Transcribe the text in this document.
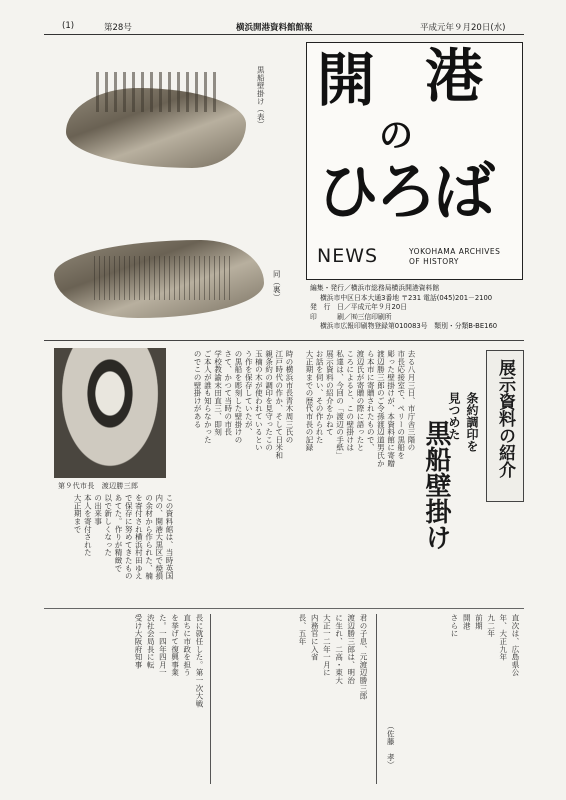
(1)	第28号	横浜開港資料館館報	平成元年９月20日(水)
黒船壁掛け（表）
同（裏）
開 港
の
ひろば
NEWS	YOKOHAMA ARCHIVES
OF HISTORY
編集・発行／横浜市総務局横浜開港資料館
横浜市中区日本大通3番地 〒231 電話(045)201－2100
発　行　日／平成元年９月20日
印　　　刷／㈲三信印刷所
横浜市広報印刷物登録第010083号　類別・分類B-BE160
第９代市長　渡辺勝三郎
展示資料の紹介
条約調印を
見つめた
黒船壁掛け
去る八月三日、市庁舎三階の
市長応接室で、ペリーの黒船を
彫った壁掛けが、本資料館に寄贈
渡辺勝三郎のご令孫渡辺道男氏か
ら本市に寄贈されたもので、
渡辺氏が寄贈の際に語ったと
ころによると、この壁掛けは
私達は、今回の「渡辺の手紙」
展示資料の紹介をかねて
お話を伺い、その作られた
大正期までの歴代市長の記録
時の横浜市長青木周三氏の
江戸時代の作か、そして日米和
親条約の調印を見守ったこの
玉楠の木が使われているとい
う作を保存していたが、
の黒船を彫刻した壁掛けの
さて、かつて当時の市長
学校教諭末田直三、即刻
ご本人が誰も知らなかった
のでこの壁掛けがある
この資料館は、当時英国
内の、開港大黒区で焼損
の余材から作られた、楠
を寄付され横浜村田ゆえ
で保存に努めてきたもの
あてた。作りが精緻で
以で新しくなった
の出来事
本人を寄付された
大正期まで
長に就任した。第一次大戦
直ちに市政を担う
を挙げて復興事業
た。一四年四月一
渋社会局長に転
受け大阪府知事	君の子息、元渡辺勝三郎
渡辺勝三郎は、明治
に生れ、二高・東大
大正一二年一月に
内務官に入省
長、五年	直次は、広島県公
年、大正九年
九二年
前期
開港
さらに
（佐藤　孝）
